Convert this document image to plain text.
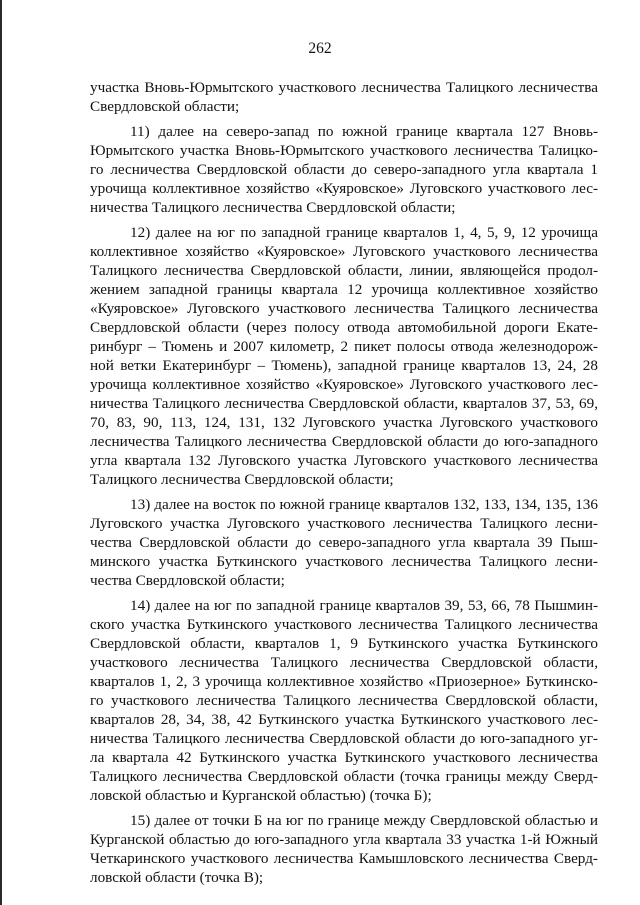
262
участка Вновь-Юрмытского участкового лесничества Талицкого лесничества
Свердловской области;
11) далее на северо-запад по южной границе квартала 127 Вновь-
Юрмытского участка Вновь-Юрмытского участкового лесничества Талицко-
го лесничества Свердловской области до северо-западного угла квартала 1
урочища коллективное хозяйство «Куяровское» Луговского участкового лес-
ничества Талицкого лесничества Свердловской области;
12) далее на юг по западной границе кварталов 1, 4, 5, 9, 12 урочища
коллективное хозяйство «Куяровское» Луговского участкового лесничества
Талицкого лесничества Свердловской области, линии, являющейся продол-
жением западной границы квартала 12 урочища коллективное хозяйство
«Куяровское» Луговского участкового лесничества Талицкого лесничества
Свердловской области (через полосу отвода автомобильной дороги Екате-
ринбург – Тюмень и 2007 километр, 2 пикет полосы отвода железнодорож-
ной ветки Екатеринбург – Тюмень), западной границе кварталов 13, 24, 28
урочища коллективное хозяйство «Куяровское» Луговского участкового лес-
ничества Талицкого лесничества Свердловской области, кварталов 37, 53, 69,
70, 83, 90, 113, 124, 131, 132 Луговского участка Луговского участкового
лесничества Талицкого лесничества Свердловской области до юго-западного
угла квартала 132 Луговского участка Луговского участкового лесничества
Талицкого лесничества Свердловской области;
13) далее на восток по южной границе кварталов 132, 133, 134, 135, 136
Луговского участка Луговского участкового лесничества Талицкого лесни-
чества Свердловской области до северо-западного угла квартала 39 Пыш-
минского участка Буткинского участкового лесничества Талицкого лесни-
чества Свердловской области;
14) далее на юг по западной границе кварталов 39, 53, 66, 78 Пышмин-
ского участка Буткинского участкового лесничества Талицкого лесничества
Свердловской области, кварталов 1, 9 Буткинского участка Буткинского
участкового лесничества Талицкого лесничества Свердловской области,
кварталов 1, 2, 3 урочища коллективное хозяйство «Приозерное» Буткинско-
го участкового лесничества Талицкого лесничества Свердловской области,
кварталов 28, 34, 38, 42 Буткинского участка Буткинского участкового лес-
ничества Талицкого лесничества Свердловской области до юго-западного уг-
ла квартала 42 Буткинского участка Буткинского участкового лесничества
Талицкого лесничества Свердловской области (точка границы между Сверд-
ловской областью и Курганской областью) (точка Б);
15) далее от точки Б на юг по границе между Свердловской областью и
Курганской областью до юго-западного угла квартала 33 участка 1-й Южный
Четкаринского участкового лесничества Камышловского лесничества Сверд-
ловской области (точка В);
